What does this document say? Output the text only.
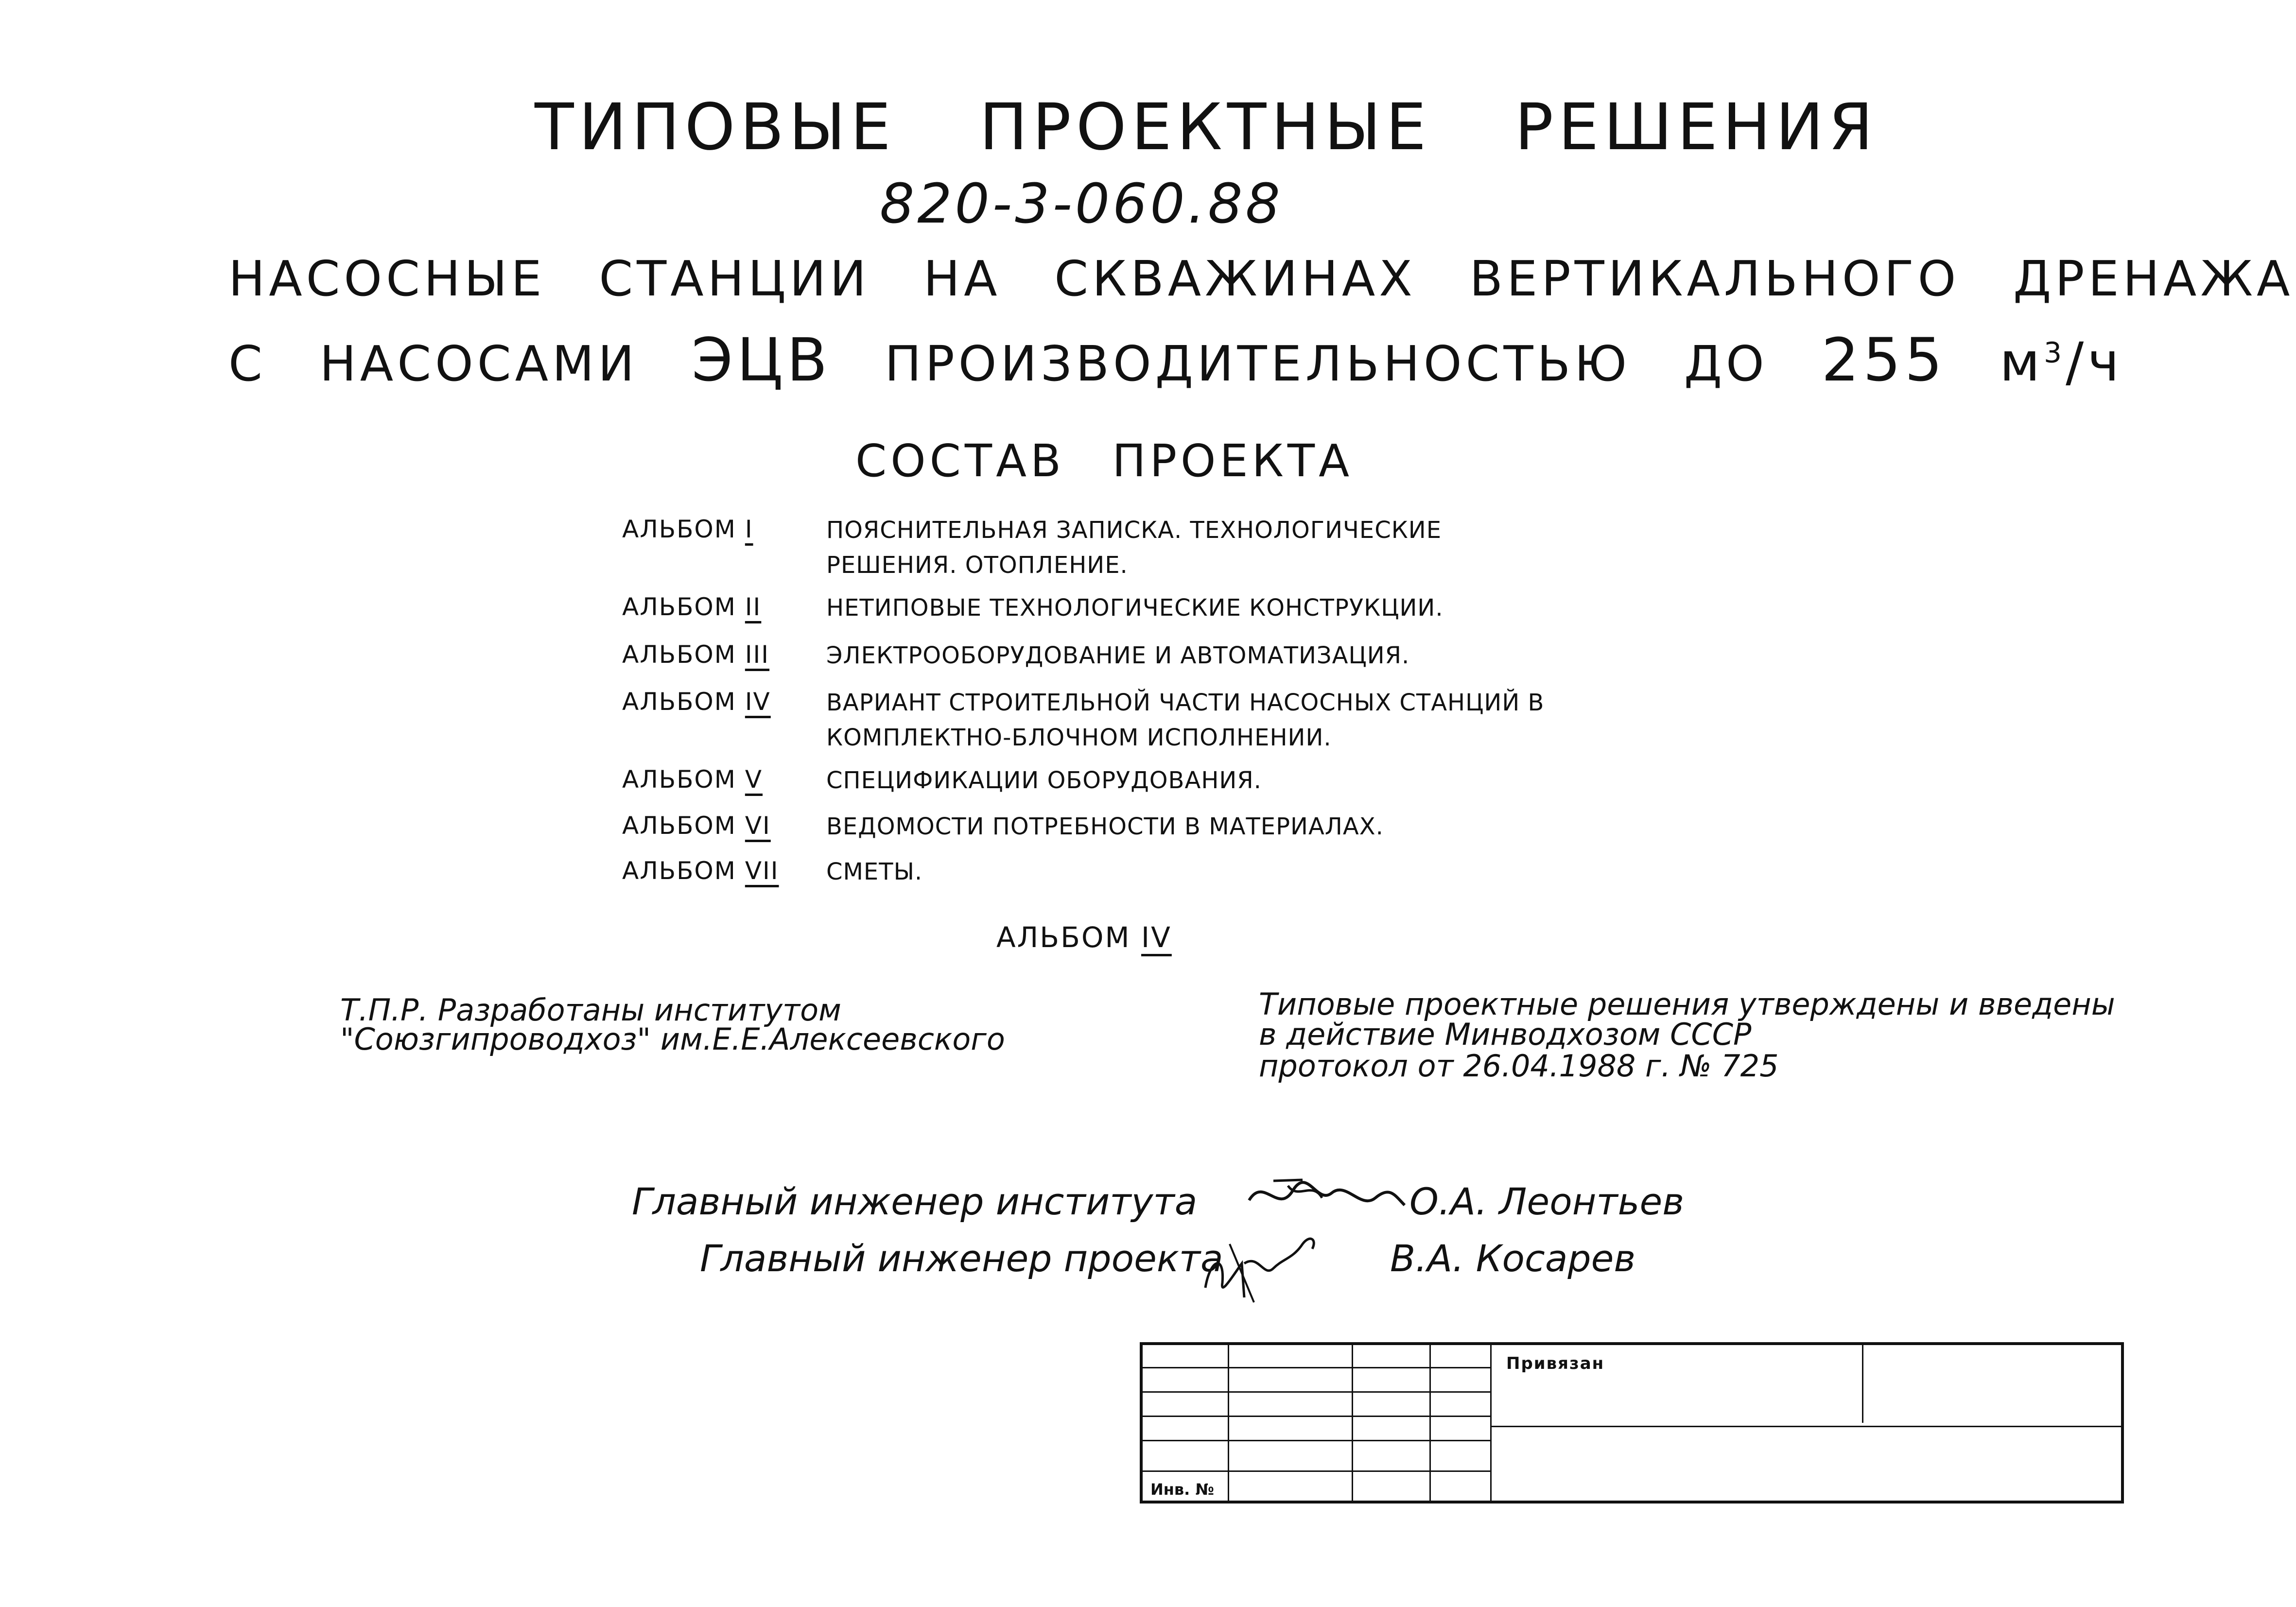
ТИПОВЫЕ ПРОЕКТНЫЕ РЕШЕНИЯ
820-3-060.88
НАСОСНЫЕ СТАНЦИИ НА СКВАЖИНАХ ВЕРТИКАЛЬНОГО ДРЕНАЖА
С НАСОСАМИ ЭЦВ ПРОИЗВОДИТЕЛЬНОСТЬЮ ДО 255 $м^3/ч$
СОСТАВ ПРОЕКТА
АЛЬБОМ I	ПОЯСНИТЕЛЬНАЯ ЗАПИСКА. ТЕХНОЛОГИЧЕСКИЕ РЕШЕНИЯ. ОТОПЛЕНИЕ.
АЛЬБОМ II	НЕТИПОВЫЕ ТЕХНОЛОГИЧЕСКИЕ КОНСТРУКЦИИ.
АЛЬБОМ III ЭЛЕКТРООБОРУДОВАНИЕ И АВТОМАТИЗАЦИЯ.
АЛЬБОМ IV ВАРИАНТ СТРОИТЕЛЬНОЙ ЧАСТИ НАСОСНЫХ СТАНЦИЙ В КОМПЛЕКТНО-БЛОЧНОМ ИСПОЛНЕНИИ.
АЛЬБОМ V	СПЕЦИФИКАЦИИ ОБОРУДОВАНИЯ.
АЛЬБОМ VI ВЕДОМОСТИ ПОТРЕБНОСТИ В МАТЕРИАЛАХ.
АЛЬБОМ VII СМЕТЫ.
АЛЬБОМ IV
Т.П.Р. Разработаны институтом
"Союзгипроводхоз" им.Е.Е.Алексеевского
Типовые проектные решения утверждены и введены
в действие Минводхозом СССР
протокол от 26.04.1988 г. № 725
Главный инженер института	О.А. Леонтьев
Главный инженер проекта	В.А. Косарев
Привязан
Инв. №
